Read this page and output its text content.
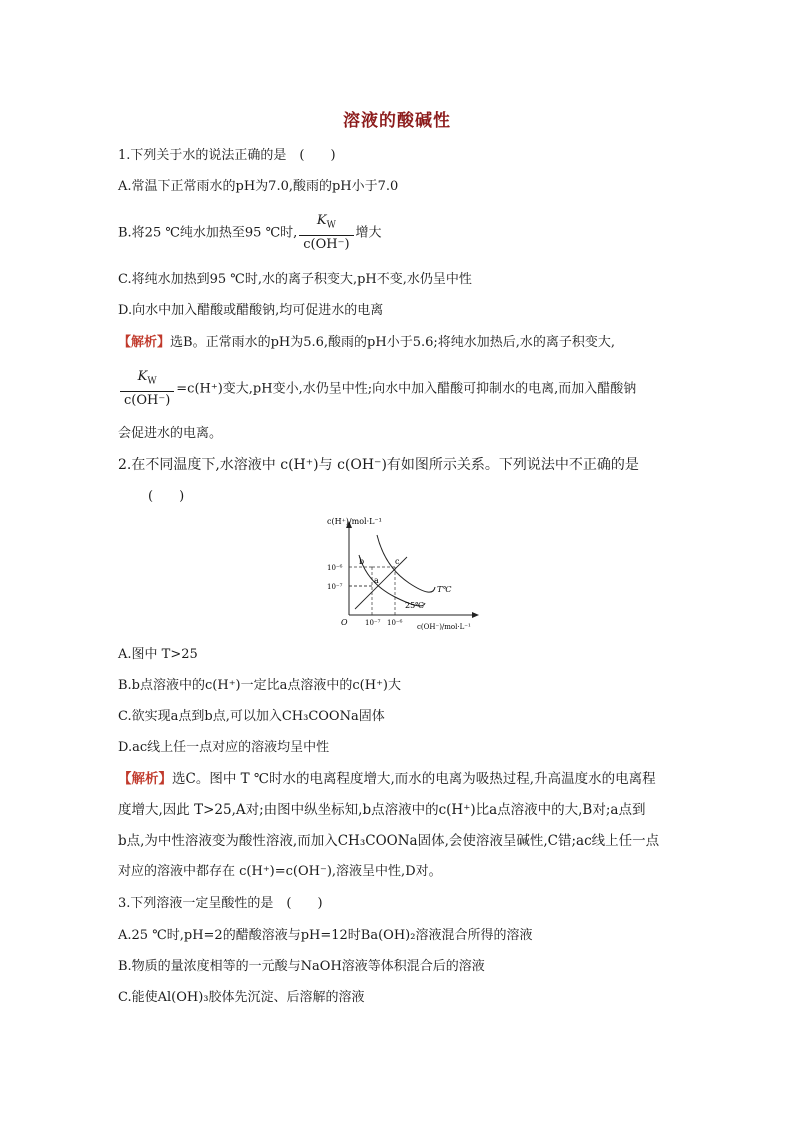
溶液的酸碱性
1.下列关于水的说法正确的是　(　　)
A.常温下正常雨水的pH为7.0,酸雨的pH小于7.0
B.将25 ℃纯水加热至95 ℃时, $\frac{K_W}{c(OH^-)}$ 增大
C.将纯水加热到95 ℃时,水的离子积变大,pH不变,水仍呈中性
D.向水中加入醋酸或醋酸钠,均可促进水的电离
【解析】选B。正常雨水的pH为5.6,酸雨的pH小于5.6;将纯水加热后,水的离子积变大,
$\frac{K_W}{c(OH^-)} =c(H^+)$变大,pH变小,水仍呈中性;向水中加入醋酸可抑制水的电离,而加入醋酸钠
会促进水的电离。
2.在不同温度下,水溶液中 c(H⁺)与 c(OH⁻)有如图所示关系。下列说法中不正确的是
(　　)
c(H⁺)/mol·L⁻¹
c(OH⁻)/mol·L⁻¹
O
10⁻⁶
10⁻⁷
10⁻⁷ 10⁻⁶
T℃
25℃
b
a
c
A.图中 T>25
B.b点溶液中的c(H⁺)一定比a点溶液中的c(H⁺)大
C.欲实现a点到b点,可以加入CH₃COONa固体
D.ac线上任一点对应的溶液均呈中性
【解析】选C。图中 T ℃时水的电离程度增大,而水的电离为吸热过程,升高温度水的电离程
度增大,因此 T>25,A对;由图中纵坐标知,b点溶液中的c(H⁺)比a点溶液中的大,B对;a点到
b点,为中性溶液变为酸性溶液,而加入CH₃COONa固体,会使溶液呈碱性,C错;ac线上任一点
对应的溶液中都存在 c(H⁺)=c(OH⁻),溶液呈中性,D对。
3.下列溶液一定呈酸性的是　(　　)
A.25 ℃时,pH=2的醋酸溶液与pH=12时Ba(OH)₂溶液混合所得的溶液
B.物质的量浓度相等的一元酸与NaOH溶液等体积混合后的溶液
C.能使Al(OH)₃胶体先沉淀、后溶解的溶液
